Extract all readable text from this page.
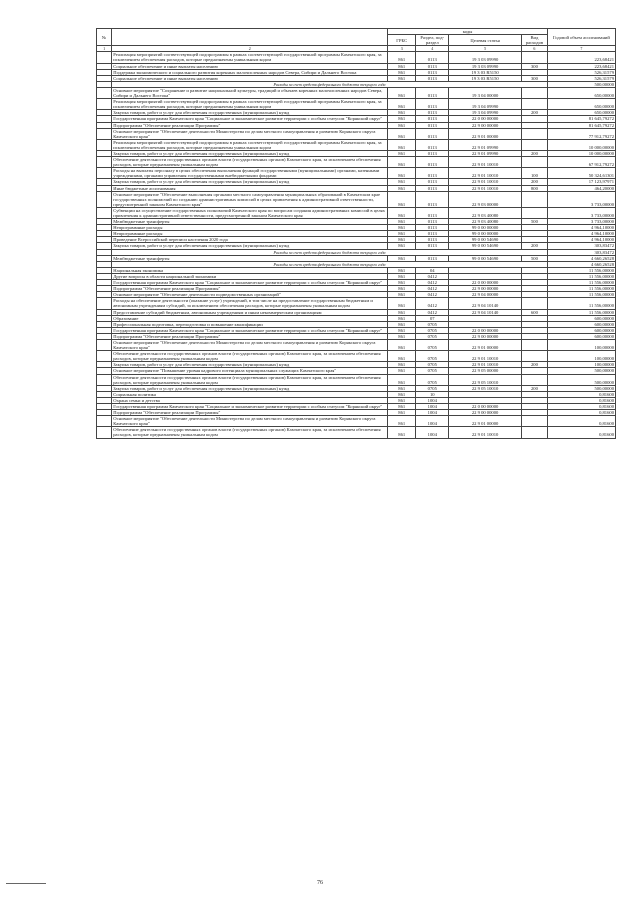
№		коды				Годовой объем ассигнований
		ГРБС	Раздел, под-раздел	Целевая статья	Вид расходов	
1	2	3	4	5	6	7
	Реализация мероприятий соответствующей подпрограммы в рамках соответствующей государственной программы Камчатского края, за исключением обеспечения расходов, которые предназначены уникальным кодом	861	0113	19 3 03 09990		223,68421
	Социальное обеспечение и иные выплаты населению	861	0113	19 3 03 09990	300	223,68421
	Поддержка экономического и социального развития коренных малочисленных народов Севера, Сибири и Дальнего Востока	861	0113	19 3 03 R5150		526,31579
	Социальное обеспечение и иные выплаты населению	861	0113	19 3 03 R5150	300	526,31579
	Расходы за счет средств федерального бюджета текущего года					500,00000
	Основное мероприятие "Сохранение и развитие национальной культуры, традиций и обычаев коренных малочисленных народов Севера, Сибири и Дальнего Востока"	861	0113	19 3 04 00000		650,00000
	Реализация мероприятий соответствующей подпрограммы в рамках соответствующей государственной программы Камчатского края, за исключением обеспечения расходов, которые предназначены уникальным кодом	861	0113	19 3 04 09990		650,00000
	Закупка товаров, работ и услуг для обеспечения государственных (муниципальных) нужд	861	0113	19 3 04 09990	200	650,00000
	Государственная программа Камчатского края "Социальное и экономическое развитие территории с особым статусом "Корякский округ"	861	0113	22 0 00 00000		81 645,79272
	Подпрограмма "Обеспечение реализации Программы"	861	0113	22 9 00 00000		81 645,79272
	Основное мероприятие "Обеспечение деятельности Министерства по делам местного самоуправления и развитию Корякского округа Камчатского края"	861	0113	22 9 01 00000		77 912,79272
	Реализация мероприятий соответствующей подпрограммы в рамках соответствующей государственной программы Камчатского края, за исключением обеспечения расходов, которые предназначены уникальным кодом	861	0113	22 9 01 09990		10 000,00000
	Закупка товаров, работ и услуг для обеспечения государственных (муниципальных) нужд	861	0113	22 9 01 09990	200	10 000,00000
	Обеспечение деятельности государственных органов власти (государственных органов) Камчатского края, за исключением обеспечения расходов, которые предназначены уникальным кодом	861	0113	22 9 01 10010		67 912,79272
	Расходы на выплаты персоналу в целях обеспечения выполнения функций государственными (муниципальными) органами, казенными учреждениями, органами управления государственными внебюджетными фондами	861	0113	22 9 01 10010	100	50 324,61301
	Закупка товаров, работ и услуг для обеспечения государственных (муниципальных) нужд	861	0113	22 9 01 10010	200	17 123,97971
	Иные бюджетные ассигнования	861	0113	22 9 01 10010	800	464,20000
	Основное мероприятие "Обеспечение выполнения органами местного самоуправления муниципальных образований в Камчатском крае государственных полномочий по созданию административных комиссий в целях привлечения к административной ответственности, предусмотренной законом Камчатского края"	861	0113	22 9 03 00000		3 733,00000
	Субвенции на осуществление государственных полномочий Камчатского края по вопросам создания административных комиссий в целях привлечения к административной ответственности, предусмотренной законом Камчатского края	861	0113	22 9 03 40080		3 733,00000
	Межбюджетные трансферты	861	0113	22 9 03 40080	500	3 733,00000
	Непрограммные расходы	861	0113	99 0 00 00000		4 964,10000
	Непрограммные расходы	861	0113	99 0 00 00000		4 964,10000
	Проведение Всероссийской переписи населения 2020 года	861	0113	99 0 00 54690		4 964,10000
	Закупка товаров, работ и услуг для обеспечения государственных (муниципальных) нужд	861	0113	99 0 00 54690	200	303,83472
	Расходы за счет средств федерального бюджета текущего года					303,83472
	Межбюджетные трансферты	861	0113	99 0 00 54690	500	4 660,26528
	Расходы за счет средств федерального бюджета текущего года					4 660,26528
	Национальная экономика	861	04			11 556,00000
	Другие вопросы в области национальной экономики	861	0412			11 556,00000
	Государственная программа Камчатского края "Социальное и экономическое развитие территории с особым статусом "Корякский округ"	861	0412	22 0 00 00000		11 556,00000
	Подпрограмма "Обеспечение реализации Программы"	861	0412	22 9 00 00000		11 556,00000
	Основное мероприятие "Обеспечение деятельности подведомственных организаций"	861	0412	22 9 04 00000		11 556,00000
	Расходы на обеспечение деятельности (оказание услуг) учреждений, в том числе на предоставление государственным бюджетным и автономным учреждениям субсидий, за исключением обеспечения расходов, которые предназначены уникальным кодом	861	0412	22 9 04 10140		11 556,00000
	Предоставление субсидий бюджетным, автономным учреждениям и иным некоммерческим организациям	861	0412	22 9 04 10140	600	11 556,00000
	Образование	861	07			600,00000
	Профессиональная подготовка, переподготовка и повышение квалификации	861	0705			600,00000
	Государственная программа Камчатского края "Социальное и экономическое развитие территории с особым статусом "Корякский округ"	861	0705	22 0 00 00000		600,00000
	Подпрограмма "Обеспечение реализации Программы"	861	0705	22 9 00 00000		600,00000
	Основное мероприятие "Обеспечение деятельности Министерства по делам местного самоуправления и развитию Корякского округа Камчатского края"	861	0705	22 9 01 00000		100,00000
	Обеспечение деятельности государственных органов власти (государственных органов) Камчатского края, за исключением обеспечения расходов, которые предназначены уникальным кодом	861	0705	22 9 01 10010		100,00000
	Закупка товаров, работ и услуг для обеспечения государственных (муниципальных) нужд	861	0705	22 9 01 10010	200	100,00000
	Основное мероприятие "Повышение уровня кадрового потенциала муниципальных служащих Камчатского края"	861	0705	22 9 05 00000		500,00000
	Обеспечение деятельности государственных органов власти (государственных органов) Камчатского края, за исключением обеспечения расходов, которые предназначены уникальным кодом	861	0705	22 9 05 10010		500,00000
	Закупка товаров, работ и услуг для обеспечения государственных (муниципальных) нужд	861	0705	22 9 05 10010	200	500,00000
	Социальная политика	861	10			0,81600
	Охрана семьи и детства	861	1004			0,81600
	Государственная программа Камчатского края "Социальное и экономическое развитие территории с особым статусом "Корякский округ"	861	1004	22 0 00 00000		0,81600
	Подпрограмма "Обеспечение реализации Программы"	861	1004	22 9 00 00000		0,81600
	Основное мероприятие "Обеспечение деятельности Министерства по делам местного самоуправления и развитию Корякского округа Камчатского края"	861	1004	22 9 01 00000		0,81600
	Обеспечение деятельности государственных органов власти (государственных органов) Камчатского края, за исключением обеспечения расходов, которые предназначены уникальным кодом	861	1004	22 9 01 10010		0,81600
76
